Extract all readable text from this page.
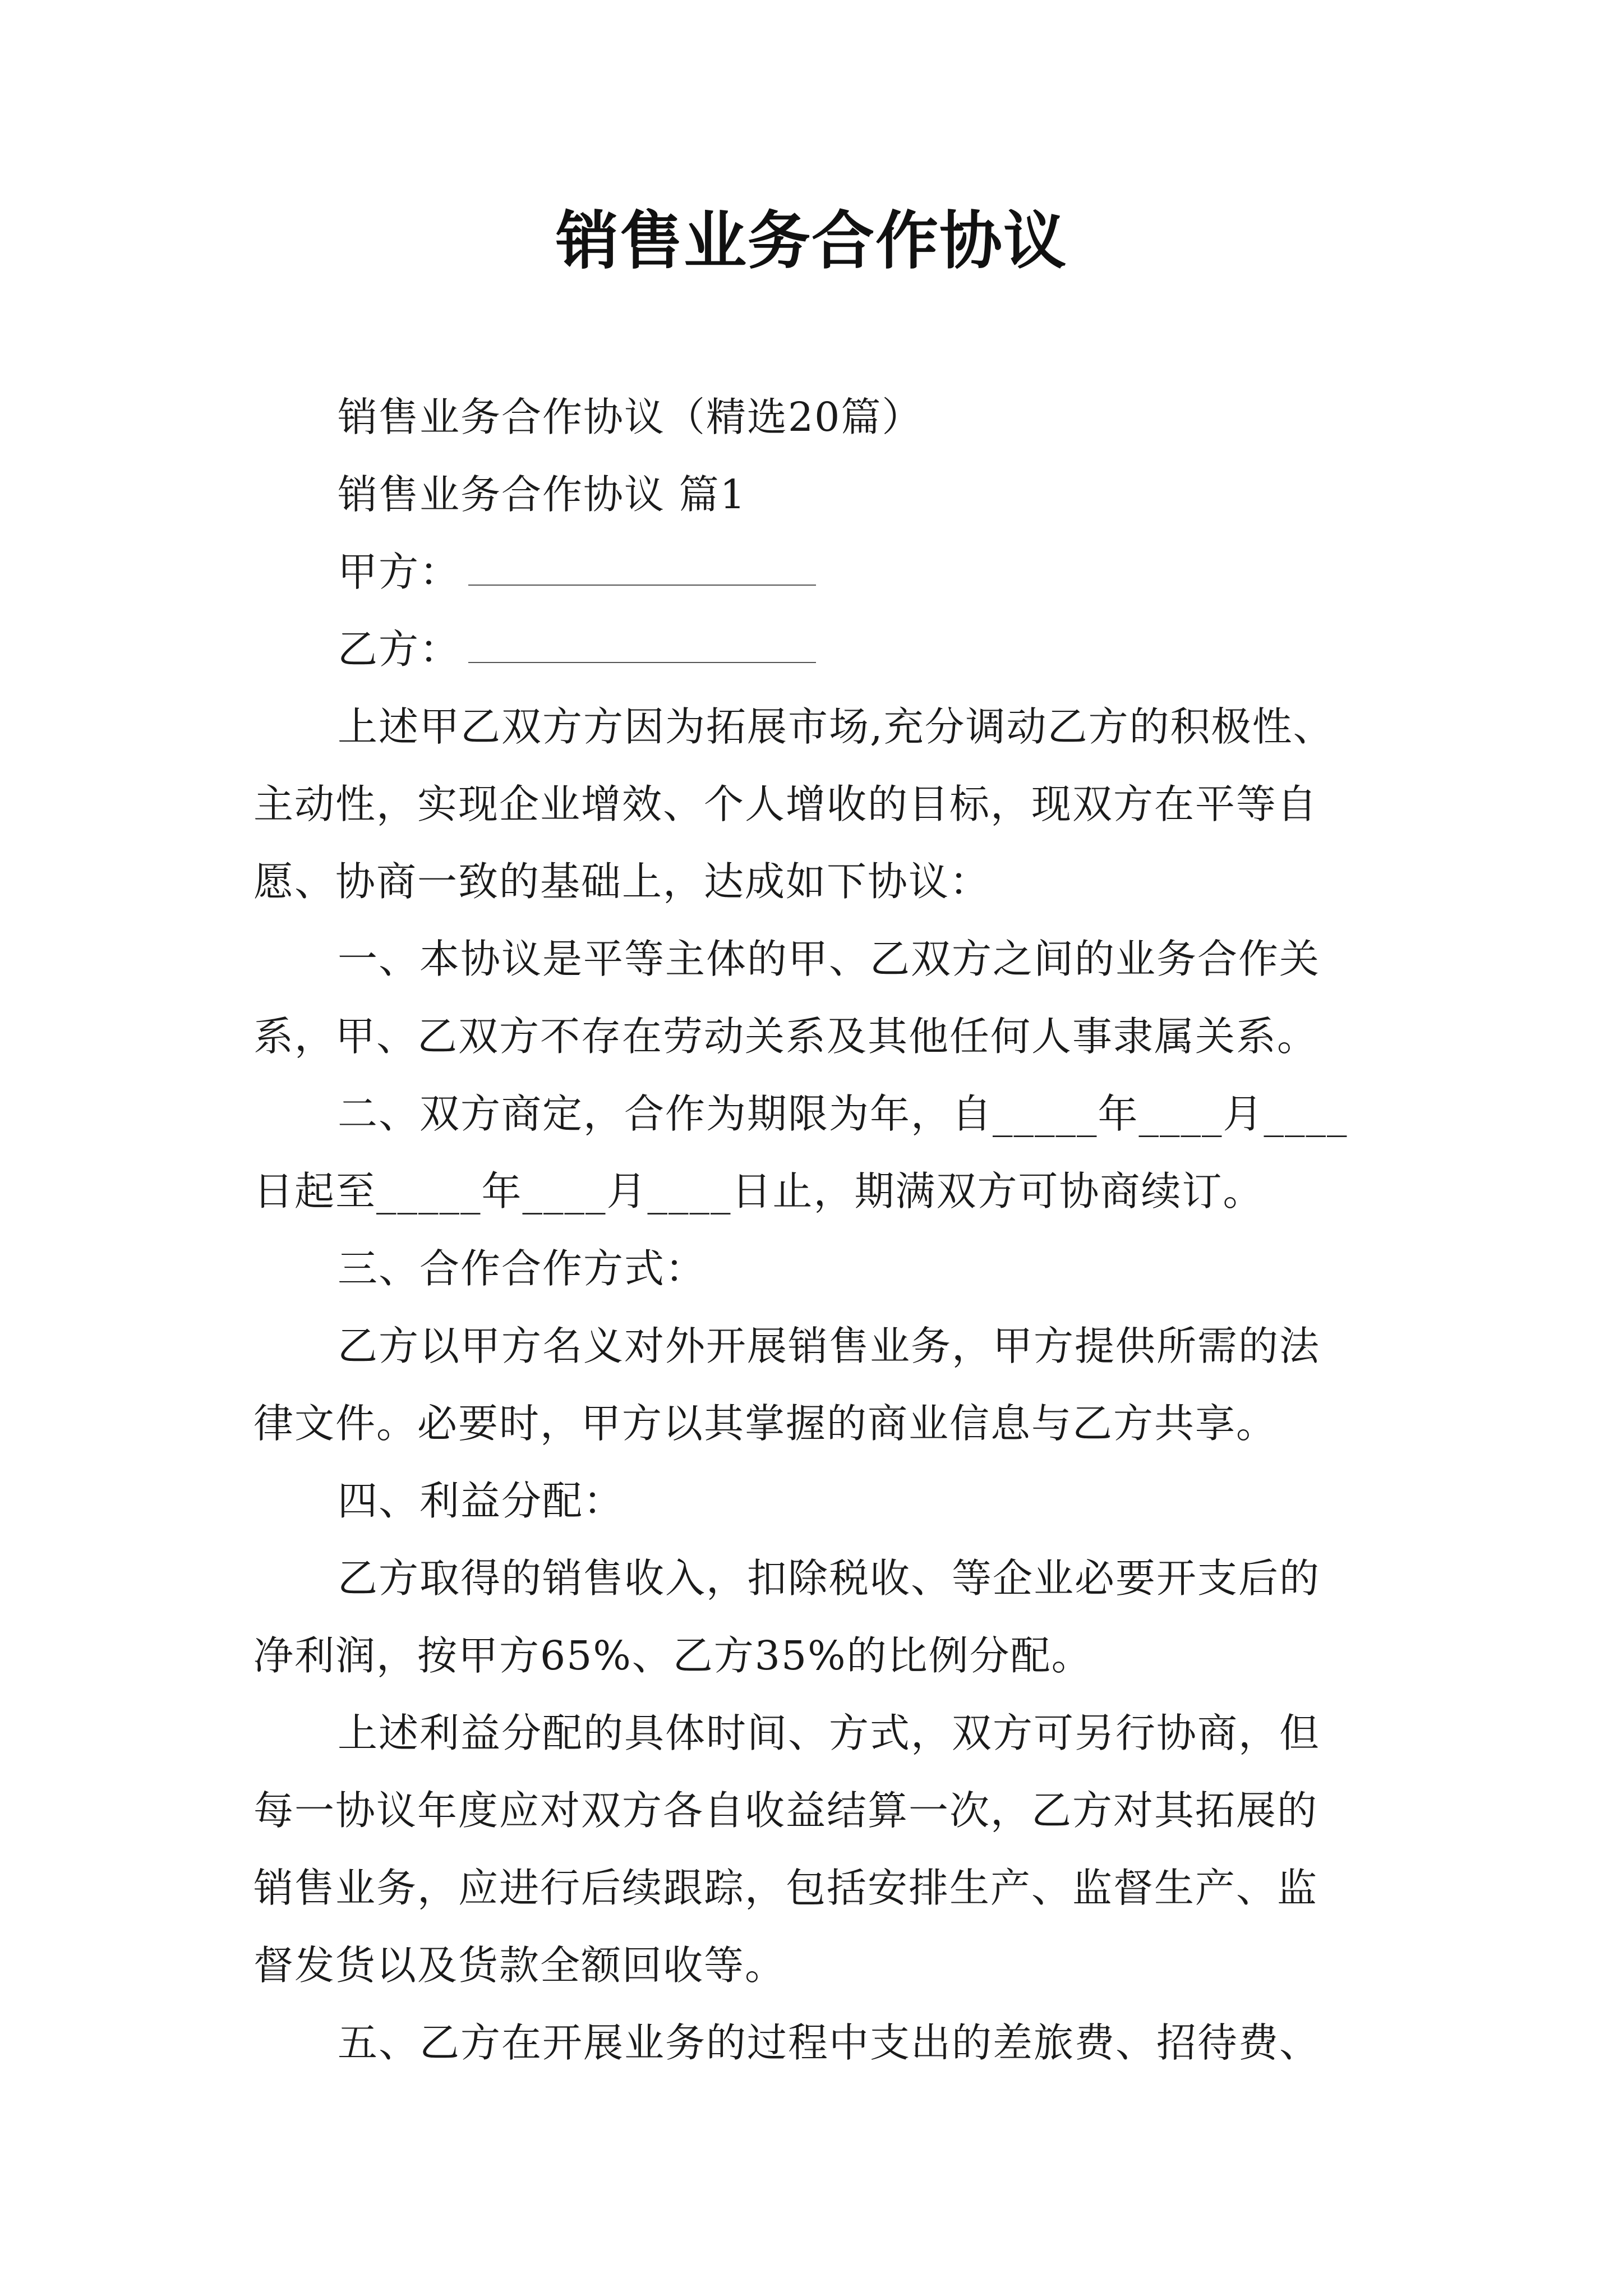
销售业务合作协议

销售业务合作协议（精选20篇）

销售业务合作协议 篇1

甲方：

乙方：

上述甲乙双方方因为拓展市场,充分调动乙方的积极性、

主动性，实现企业增效、个人增收的目标，现双方在平等自

愿、协商一致的基础上，达成如下协议：

一、本协议是平等主体的甲、乙双方之间的业务合作关

系，甲、乙双方不存在劳动关系及其他任何人事隶属关系。

二、双方商定，合作为期限为年，自_____年____月____

日起至_____年____月____日止，期满双方可协商续订。

三、合作合作方式：

乙方以甲方名义对外开展销售业务，甲方提供所需的法

律文件。必要时，甲方以其掌握的商业信息与乙方共享。

四、利益分配：

乙方取得的销售收入，扣除税收、等企业必要开支后的

净利润，按甲方65%、乙方35%的比例分配。

上述利益分配的具体时间、方式，双方可另行协商，但

每一协议年度应对双方各自收益结算一次，乙方对其拓展的

销售业务，应进行后续跟踪，包括安排生产、监督生产、监

督发货以及货款全额回收等。

五、乙方在开展业务的过程中支出的差旅费、招待费、
